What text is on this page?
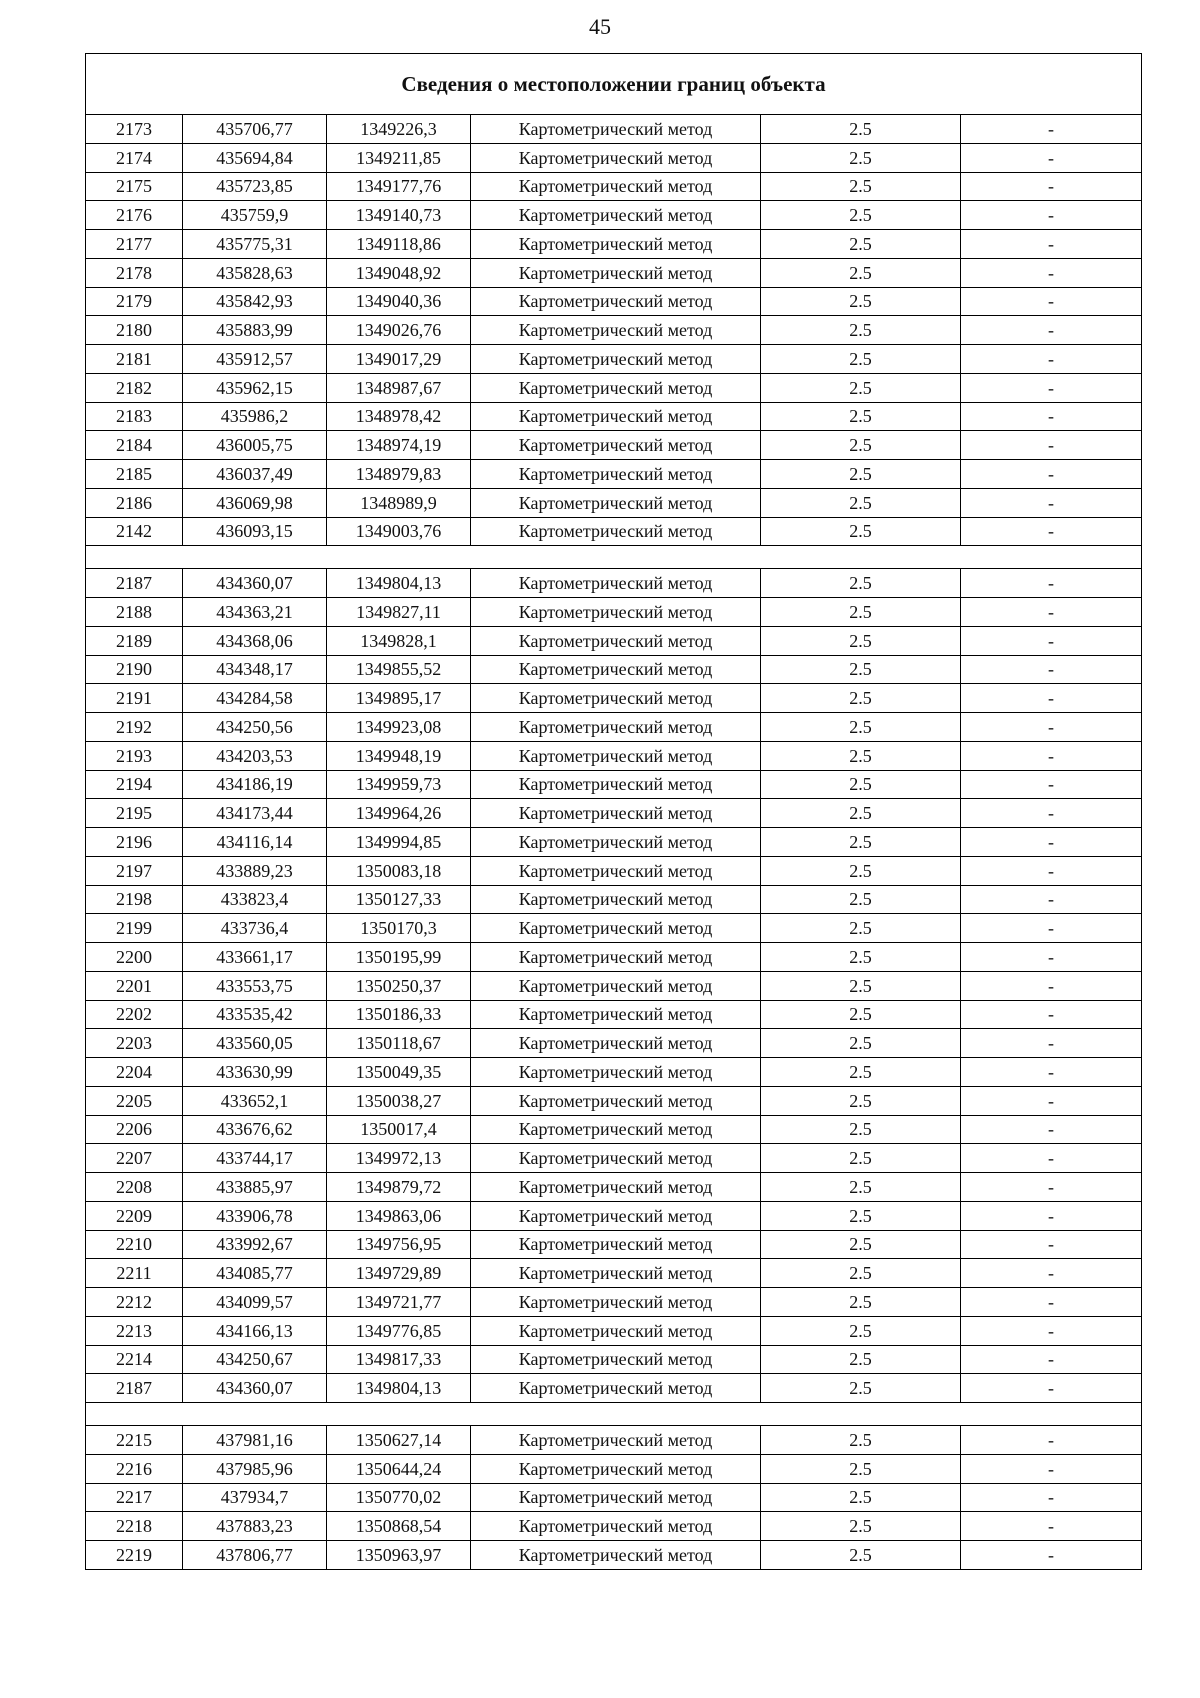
45
Сведения о местоположении границ объекта					
2173	435706,77	1349226,3	Картометрический метод	2.5	-
2174	435694,84	1349211,85	Картометрический метод	2.5	-
2175	435723,85	1349177,76	Картометрический метод	2.5	-
2176	435759,9	1349140,73	Картометрический метод	2.5	-
2177	435775,31	1349118,86	Картометрический метод	2.5	-
2178	435828,63	1349048,92	Картометрический метод	2.5	-
2179	435842,93	1349040,36	Картометрический метод	2.5	-
2180	435883,99	1349026,76	Картометрический метод	2.5	-
2181	435912,57	1349017,29	Картометрический метод	2.5	-
2182	435962,15	1348987,67	Картометрический метод	2.5	-
2183	435986,2	1348978,42	Картометрический метод	2.5	-
2184	436005,75	1348974,19	Картометрический метод	2.5	-
2185	436037,49	1348979,83	Картометрический метод	2.5	-
2186	436069,98	1348989,9	Картометрический метод	2.5	-
2142	436093,15	1349003,76	Картометрический метод	2.5	-

2187	434360,07	1349804,13	Картометрический метод	2.5	-
2188	434363,21	1349827,11	Картометрический метод	2.5	-
2189	434368,06	1349828,1	Картометрический метод	2.5	-
2190	434348,17	1349855,52	Картометрический метод	2.5	-
2191	434284,58	1349895,17	Картометрический метод	2.5	-
2192	434250,56	1349923,08	Картометрический метод	2.5	-
2193	434203,53	1349948,19	Картометрический метод	2.5	-
2194	434186,19	1349959,73	Картометрический метод	2.5	-
2195	434173,44	1349964,26	Картометрический метод	2.5	-
2196	434116,14	1349994,85	Картометрический метод	2.5	-
2197	433889,23	1350083,18	Картометрический метод	2.5	-
2198	433823,4	1350127,33	Картометрический метод	2.5	-
2199	433736,4	1350170,3	Картометрический метод	2.5	-
2200	433661,17	1350195,99	Картометрический метод	2.5	-
2201	433553,75	1350250,37	Картометрический метод	2.5	-
2202	433535,42	1350186,33	Картометрический метод	2.5	-
2203	433560,05	1350118,67	Картометрический метод	2.5	-
2204	433630,99	1350049,35	Картометрический метод	2.5	-
2205	433652,1	1350038,27	Картометрический метод	2.5	-
2206	433676,62	1350017,4	Картометрический метод	2.5	-
2207	433744,17	1349972,13	Картометрический метод	2.5	-
2208	433885,97	1349879,72	Картометрический метод	2.5	-
2209	433906,78	1349863,06	Картометрический метод	2.5	-
2210	433992,67	1349756,95	Картометрический метод	2.5	-
2211	434085,77	1349729,89	Картометрический метод	2.5	-
2212	434099,57	1349721,77	Картометрический метод	2.5	-
2213	434166,13	1349776,85	Картометрический метод	2.5	-
2214	434250,67	1349817,33	Картометрический метод	2.5	-
2187	434360,07	1349804,13	Картометрический метод	2.5	-

2215	437981,16	1350627,14	Картометрический метод	2.5	-
2216	437985,96	1350644,24	Картометрический метод	2.5	-
2217	437934,7	1350770,02	Картометрический метод	2.5	-
2218	437883,23	1350868,54	Картометрический метод	2.5	-
2219	437806,77	1350963,97	Картометрический метод	2.5	-
